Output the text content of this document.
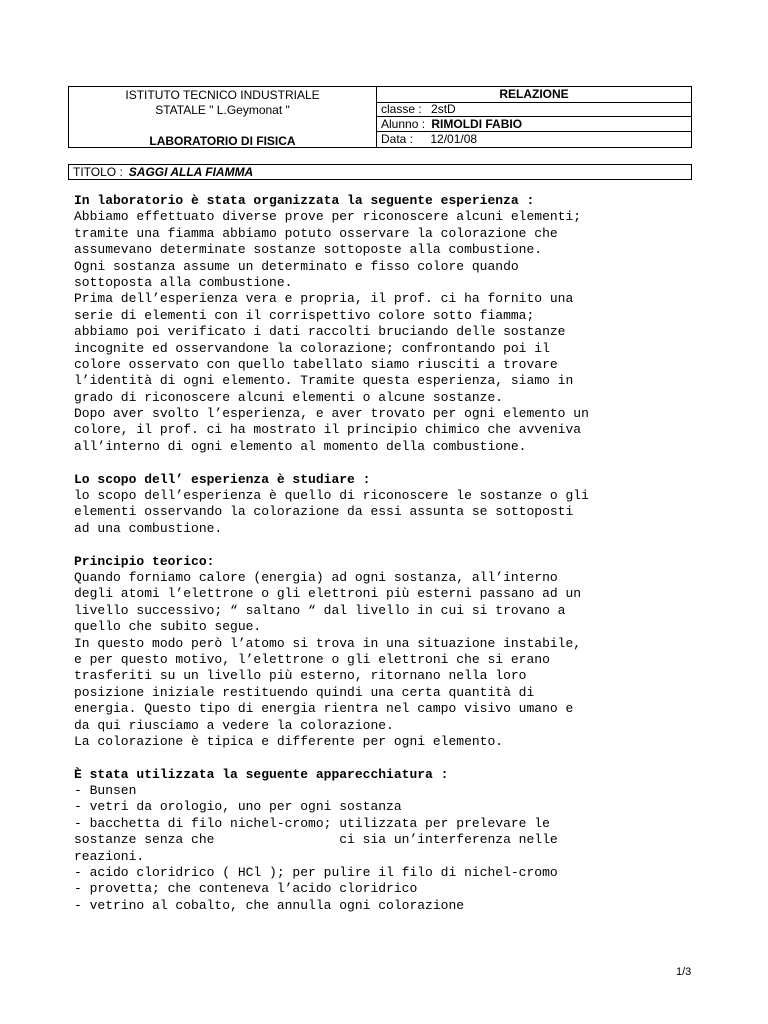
ISTITUTO TECNICO INDUSTRIALE
STATALE " L.Geymonat "
LABORATORIO DI FISICA
RELAZIONE
classe : 2stD
Alunno : RIMOLDI FABIO
Data : 12/01/08
TITOLO : SAGGI ALLA FIAMMA
In laboratorio è stata organizzata la seguente esperienza :
Abbiamo effettuato diverse prove per riconoscere alcuni elementi;
tramite una fiamma abbiamo potuto osservare la colorazione che
assumevano determinate sostanze sottoposte alla combustione.
Ogni sostanza assume un determinato e fisso colore quando
sottoposta alla combustione.
Prima dell’esperienza vera e propria, il prof. ci ha fornito una
serie di elementi con il corrispettivo colore sotto fiamma;
abbiamo poi verificato i dati raccolti bruciando delle sostanze
incognite ed osservandone la colorazione; confrontando poi il
colore osservato con quello tabellato siamo riusciti a trovare
l’identità di ogni elemento. Tramite questa esperienza, siamo in
grado di riconoscere alcuni elementi o alcune sostanze.
Dopo aver svolto l’esperienza, e aver trovato per ogni elemento un
colore, il prof. ci ha mostrato il principio chimico che avveniva
all’interno di ogni elemento al momento della combustione.
Lo scopo dell’ esperienza è studiare :
lo scopo dell’esperienza è quello di riconoscere le sostanze o gli
elementi osservando la colorazione da essi assunta se sottoposti
ad una combustione.
Principio teorico:
Quando forniamo calore (energia) ad ogni sostanza, all’interno
degli atomi l’elettrone o gli elettroni più esterni passano ad un
livello successivo; “ saltano “ dal livello in cui si trovano a
quello che subito segue.
In questo modo però l’atomo si trova in una situazione instabile,
e per questo motivo, l’elettrone o gli elettroni che si erano
trasferiti su un livello più esterno, ritornano nella loro
posizione iniziale restituendo quindi una certa quantità di
energia. Questo tipo di energia rientra nel campo visivo umano e
da qui riusciamo a vedere la colorazione.
La colorazione è tipica e differente per ogni elemento.
È stata utilizzata la seguente apparecchiatura :
- Bunsen
- vetri da orologio, uno per ogni sostanza
- bacchetta di filo nichel-cromo; utilizzata per prelevare le
sostanze senza che                ci sia un’interferenza nelle
reazioni.
- acido cloridrico ( HCl ); per pulire il filo di nichel-cromo
- provetta; che conteneva l’acido cloridrico
- vetrino al cobalto, che annulla ogni colorazione
1/3
